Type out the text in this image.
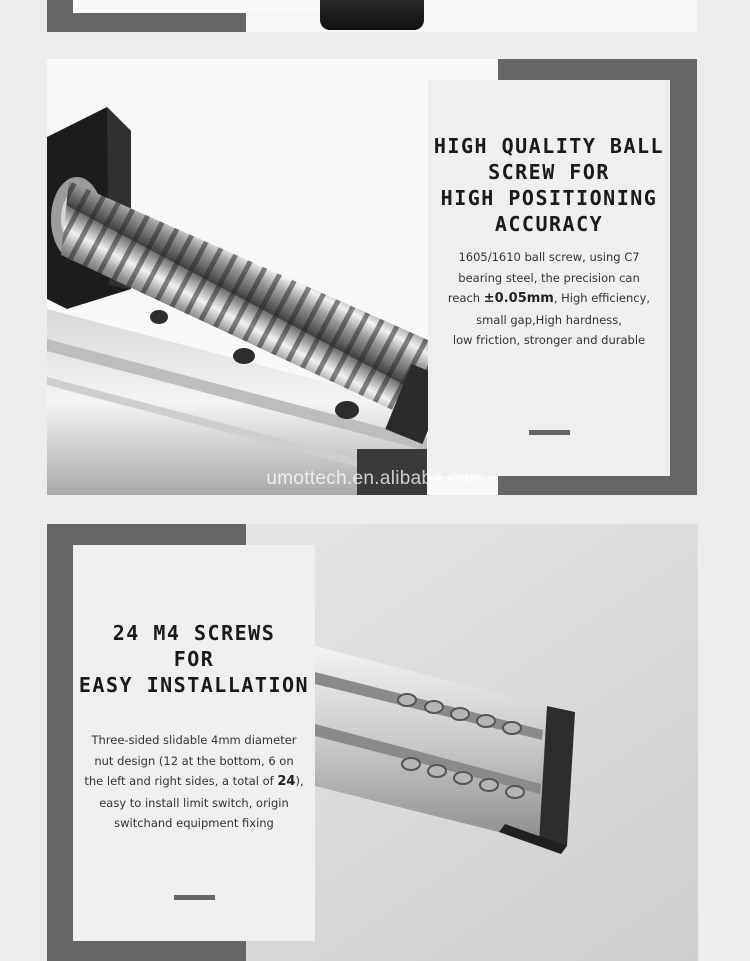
HIGH QUALITY BALL

SCREW FOR

HIGH POSITIONING

ACCURACY

1605/1610 ball screw, using C7

bearing steel, the precision can

reach ±0.05mm, High efficiency,

small gap,High hardness,

low friction, stronger and durable

umottech.en.alibaba.com

24 M4 SCREWS

FOR

EASY INSTALLATION

Three-sided slidable 4mm diameter

nut design (12 at the bottom, 6 on

the left and right sides, a total of 24),

easy to install limit switch, origin

switchand equipment fixing
